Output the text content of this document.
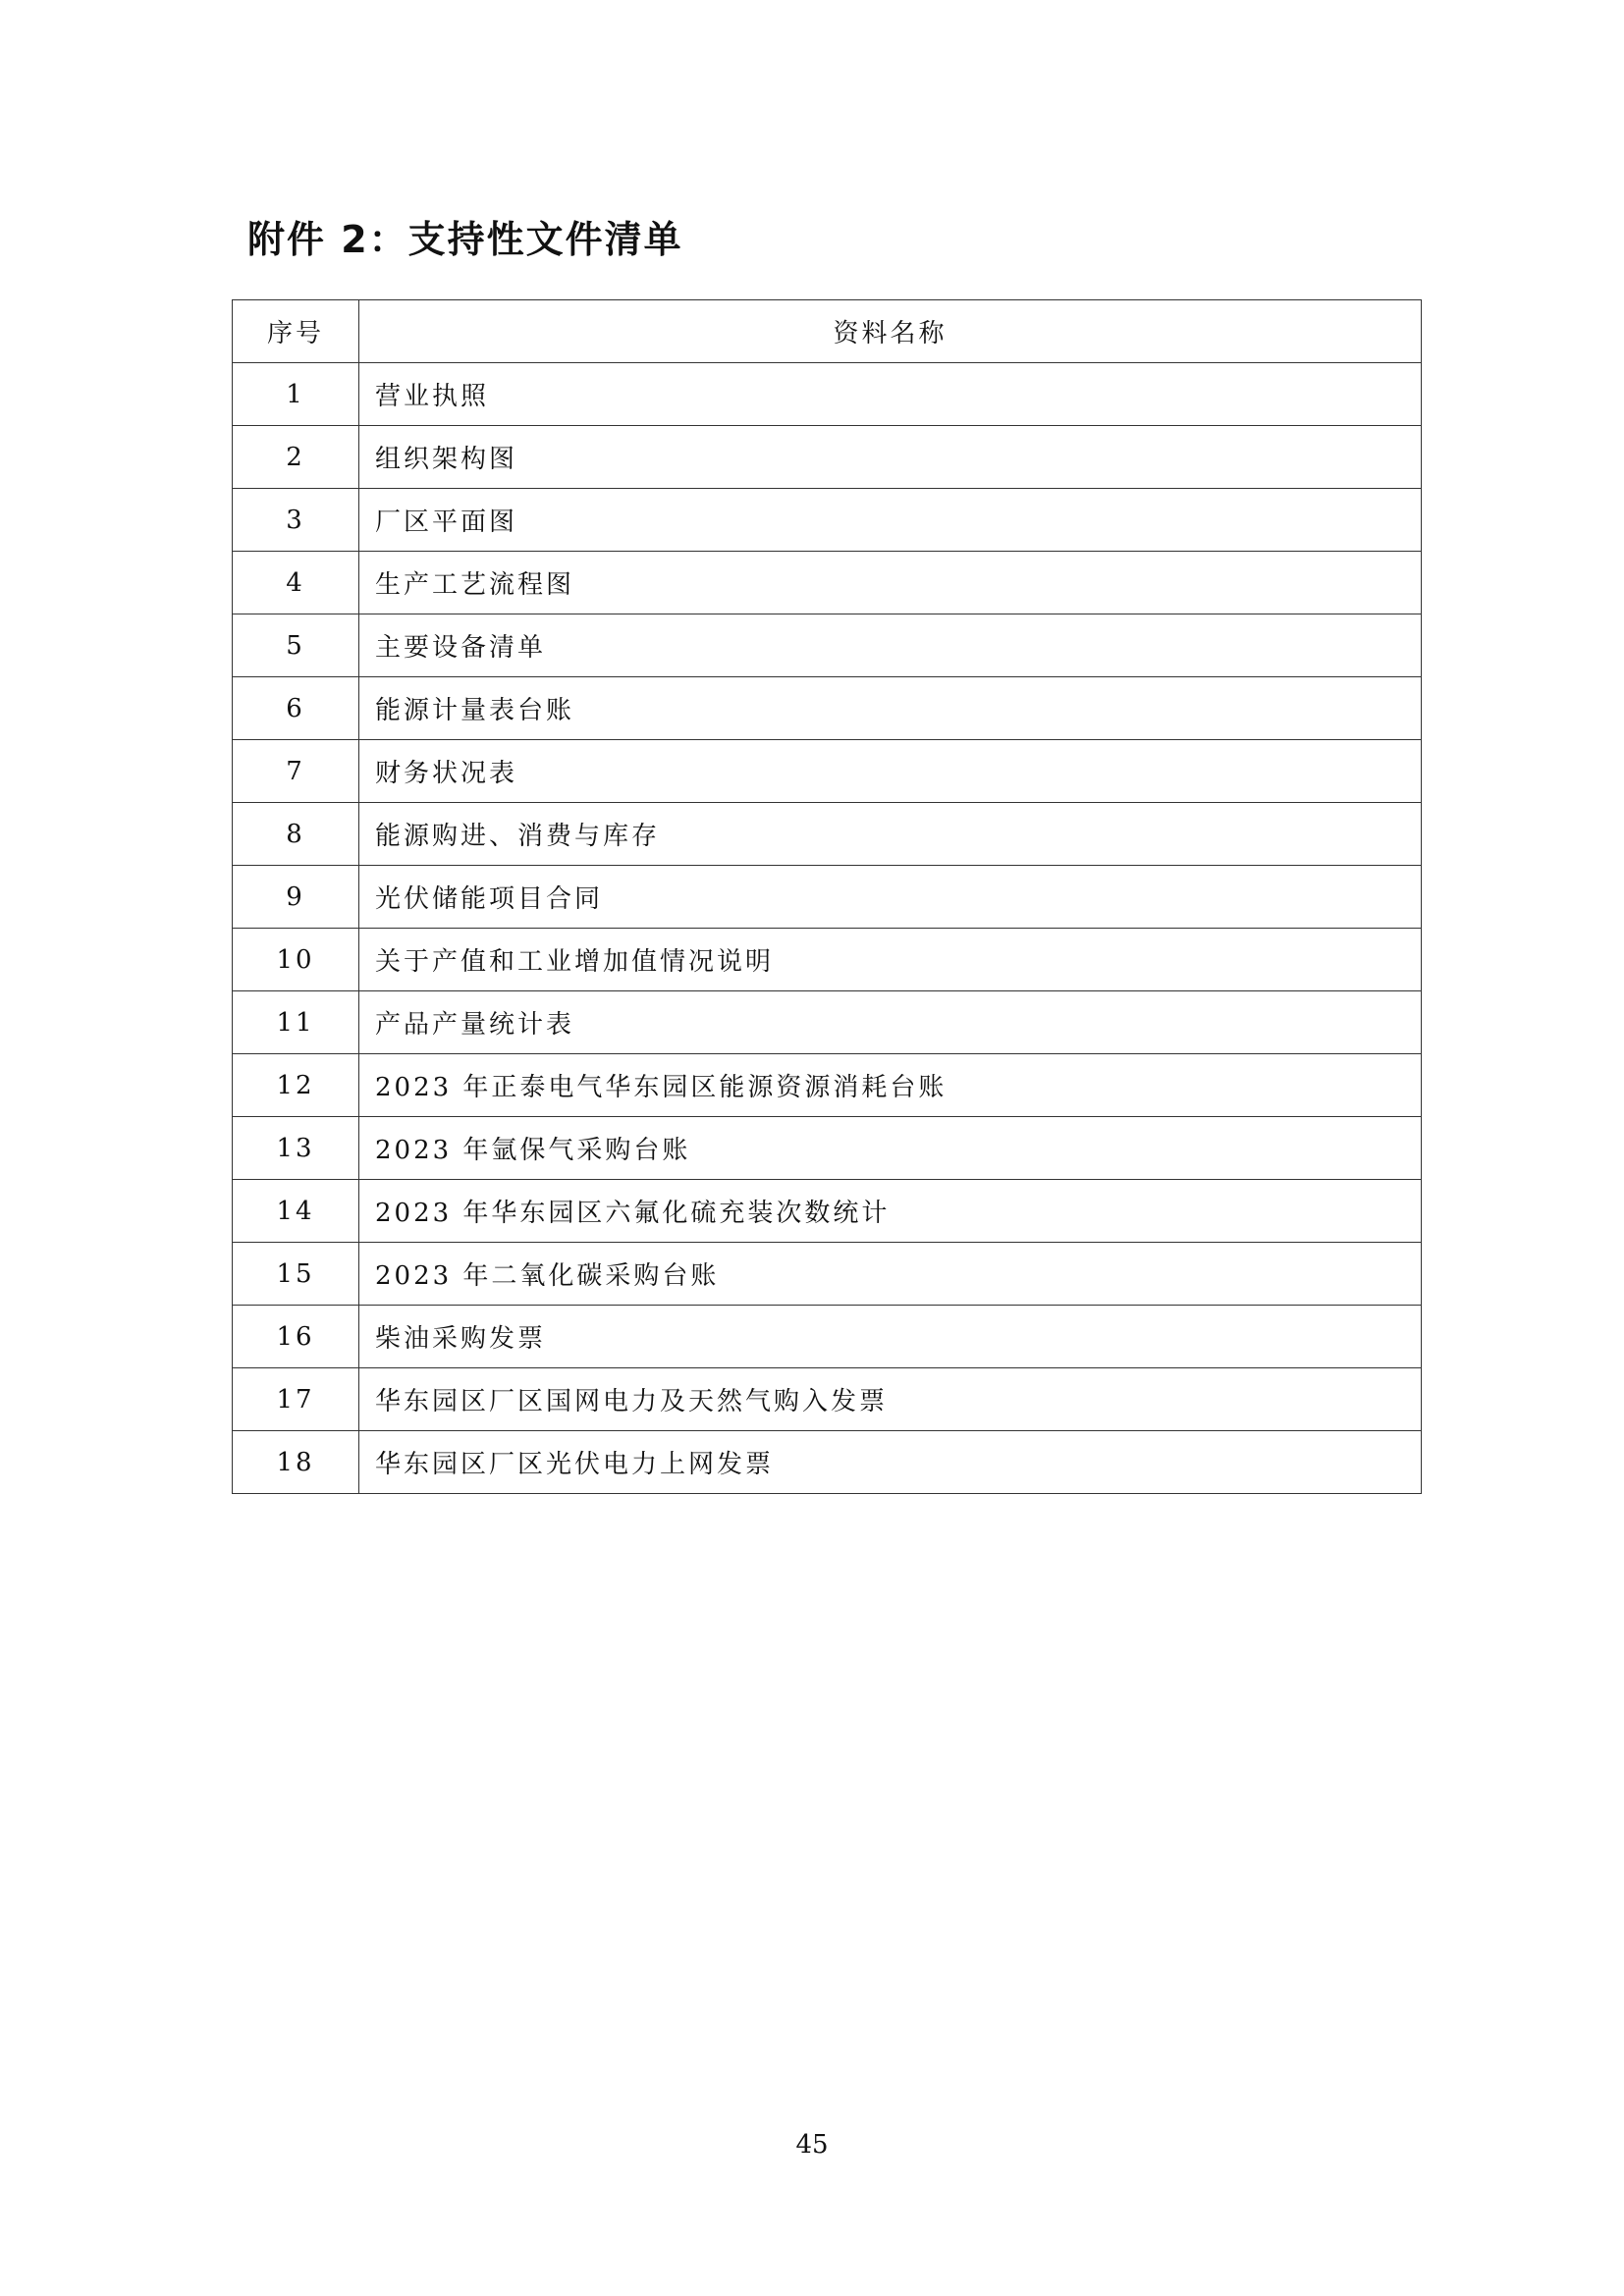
附件 2：支持性文件清单
序号	资料名称
1	营业执照
2	组织架构图
3	厂区平面图
4	生产工艺流程图
5	主要设备清单
6	能源计量表台账
7	财务状况表
8	能源购进、消费与库存
9	光伏储能项目合同
10	关于产值和工业增加值情况说明
11	产品产量统计表
12	2023 年正泰电气华东园区能源资源消耗台账
13	2023 年氩保气采购台账
14	2023 年华东园区六氟化硫充装次数统计
15	2023 年二氧化碳采购台账
16	柴油采购发票
17	华东园区厂区国网电力及天然气购入发票
18	华东园区厂区光伏电力上网发票
45
